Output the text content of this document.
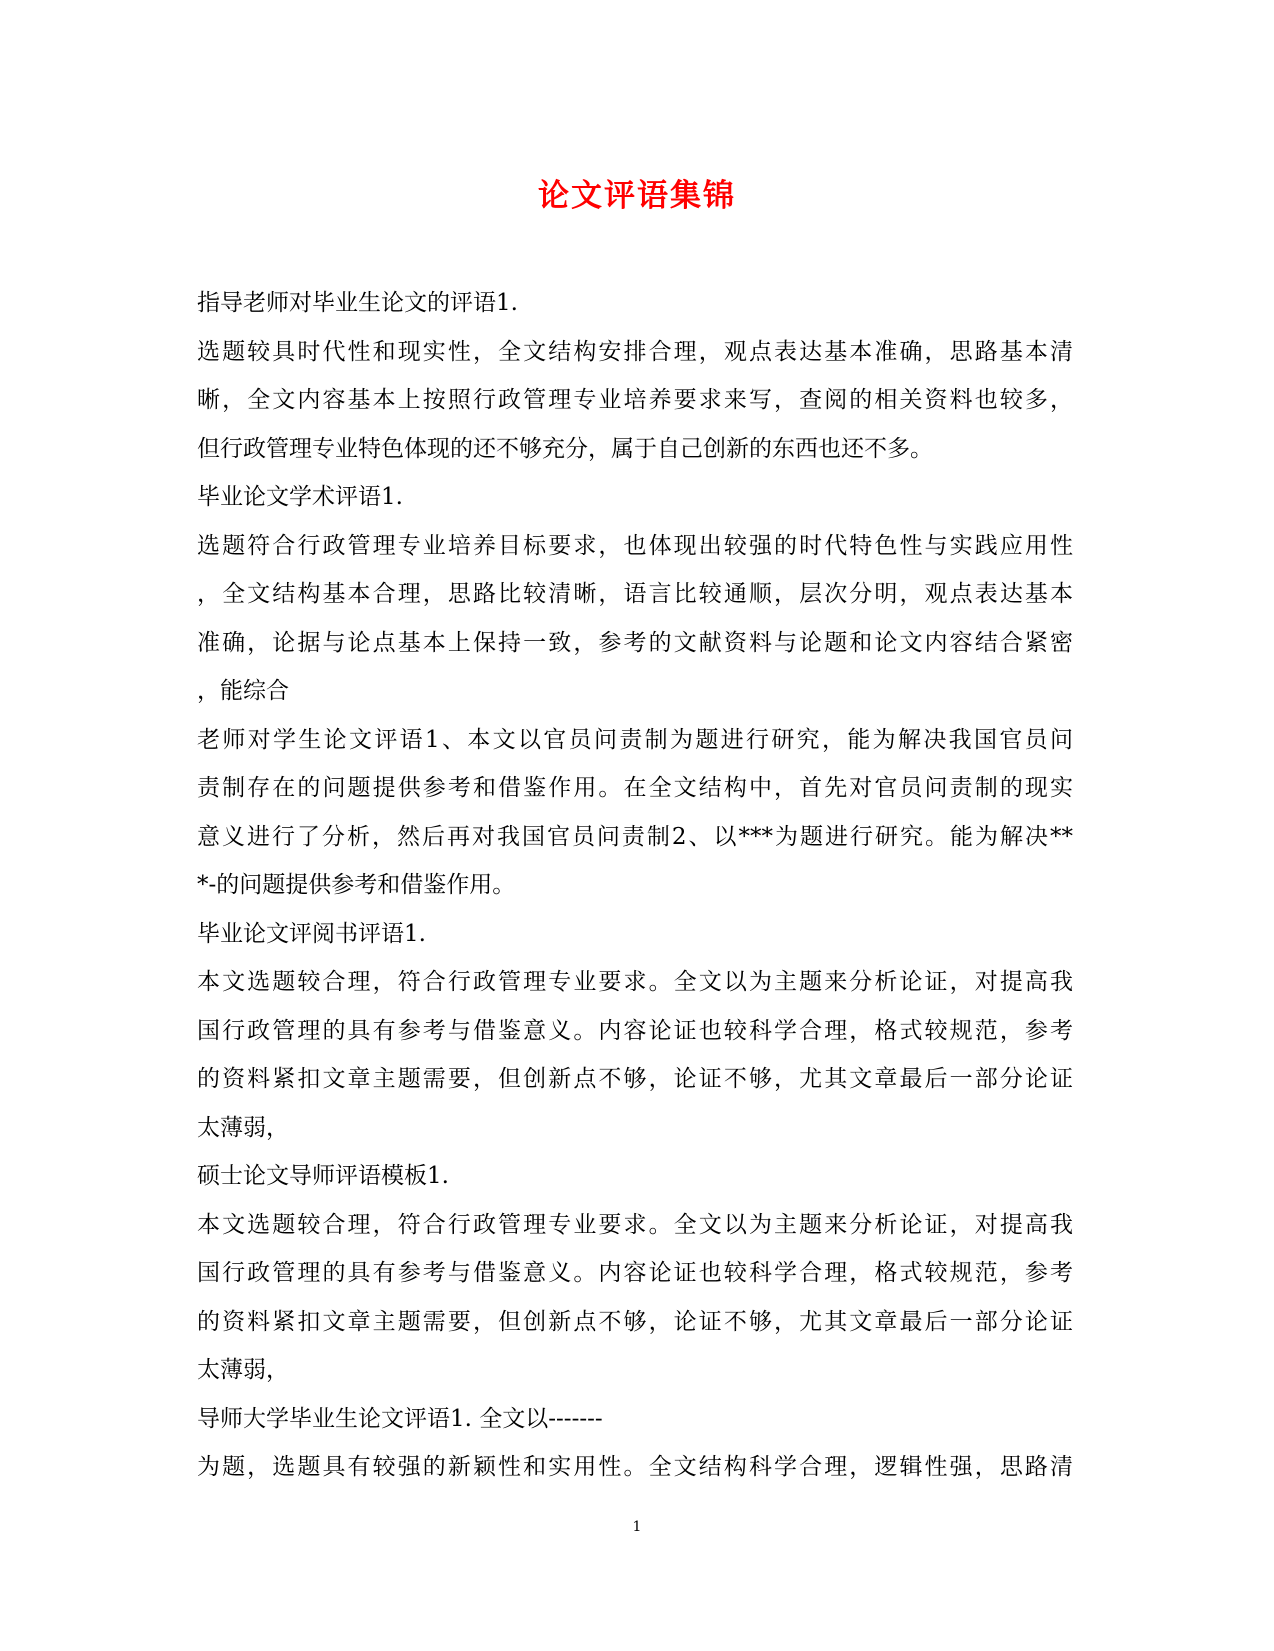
论文评语集锦
指导老师对毕业生论文的评语1.
选题较具时代性和现实性，全文结构安排合理，观点表达基本准确，思路基本清
晰，全文内容基本上按照行政管理专业培养要求来写，查阅的相关资料也较多，
但行政管理专业特色体现的还不够充分，属于自己创新的东西也还不多。
毕业论文学术评语1.
选题符合行政管理专业培养目标要求，也体现出较强的时代特色性与实践应用性
，全文结构基本合理，思路比较清晰，语言比较通顺，层次分明，观点表达基本
准确，论据与论点基本上保持一致，参考的文献资料与论题和论文内容结合紧密
，能综合
老师对学生论文评语1、本文以官员问责制为题进行研究，能为解决我国官员问
责制存在的问题提供参考和借鉴作用。在全文结构中，首先对官员问责制的现实
意义进行了分析，然后再对我国官员问责制2、以***为题进行研究。能为解决**
*-的问题提供参考和借鉴作用。
毕业论文评阅书评语1.
本文选题较合理，符合行政管理专业要求。全文以为主题来分析论证，对提高我
国行政管理的具有参考与借鉴意义。内容论证也较科学合理，格式较规范，参考
的资料紧扣文章主题需要，但创新点不够，论证不够，尤其文章最后一部分论证
太薄弱，
硕士论文导师评语模板1.
本文选题较合理，符合行政管理专业要求。全文以为主题来分析论证，对提高我
国行政管理的具有参考与借鉴意义。内容论证也较科学合理，格式较规范，参考
的资料紧扣文章主题需要，但创新点不够，论证不够，尤其文章最后一部分论证
太薄弱，
导师大学毕业生论文评语1. 全文以-------
为题，选题具有较强的新颖性和实用性。全文结构科学合理，逻辑性强，思路清
1
